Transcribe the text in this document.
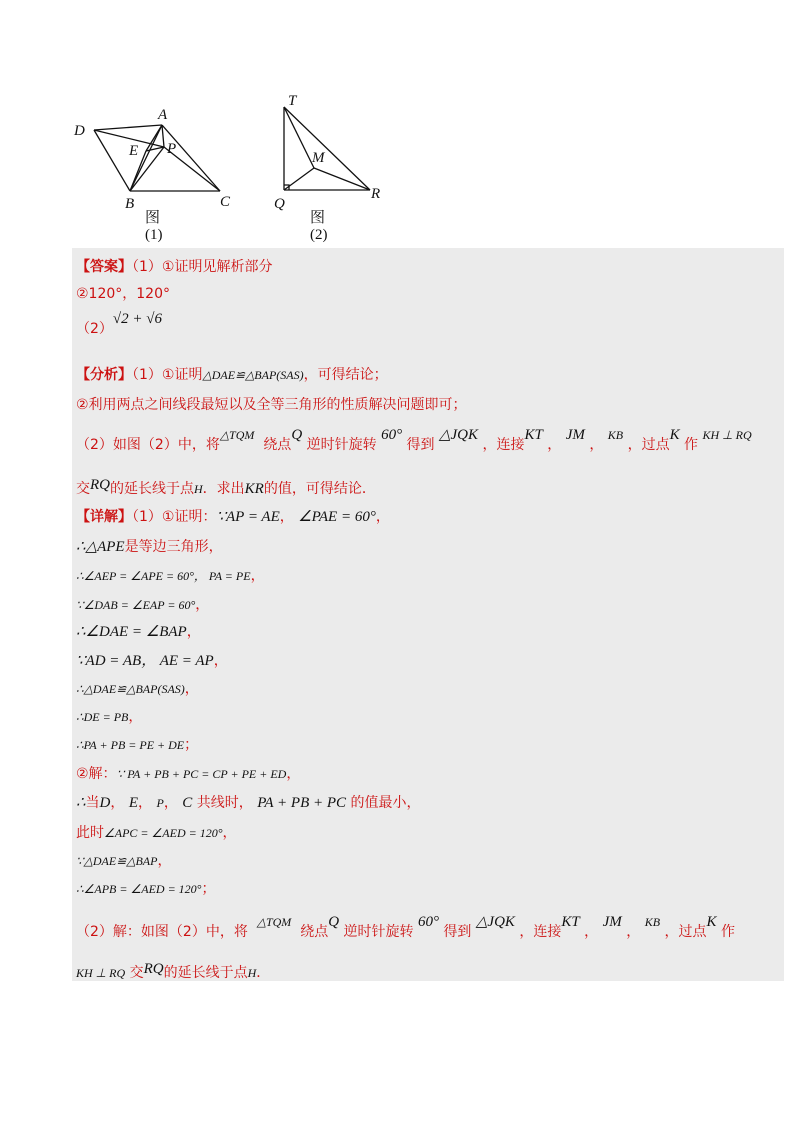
D
A
E P
B	C
图(1)
T
M
Q
R
图(2)
【答案】（1）①证明见解析部分
②120°，120°
（2）√2 + √6
【分析】（1）①证明△DAE≌△BAP(SAS)，可得结论；
②利用两点之间线段最短以及全等三角形的性质解决问题即可；
（2）如图（2）中，将△TQM  绕点Q 逆时针旋转 60° 得到 △JQK ，连接KT ， JM ， KB ，过点K 作 KH ⊥ RQ
交RQ的延长线于点H．求出KR的值，可得结论．
【详解】（1）①证明：∵AP = AE， ∠PAE = 60°，
∴△APE是等边三角形，
∴∠AEP = ∠APE = 60°， PA = PE，
∵∠DAB = ∠EAP = 60°，
∴∠DAE = ∠BAP，
∵AD = AB， AE = AP，
∴△DAE≌△BAP(SAS)，
∴DE = PB，
∴PA + PB = PE + DE；
②解：∵ PA + PB + PC = CP + PE + ED，
∴当D， E， P， C 共线时， PA + PB + PC 的值最小，
此时∠APC = ∠AED = 120°，
∵△DAE≌△BAP，
∴∠APB = ∠AED = 120°；
（2）解：如图（2）中，将  △TQM  绕点Q 逆时针旋转 60° 得到 △JQK ，连接KT ， JM ， KB ，过点K 作
KH ⊥ RQ 交RQ的延长线于点H．
